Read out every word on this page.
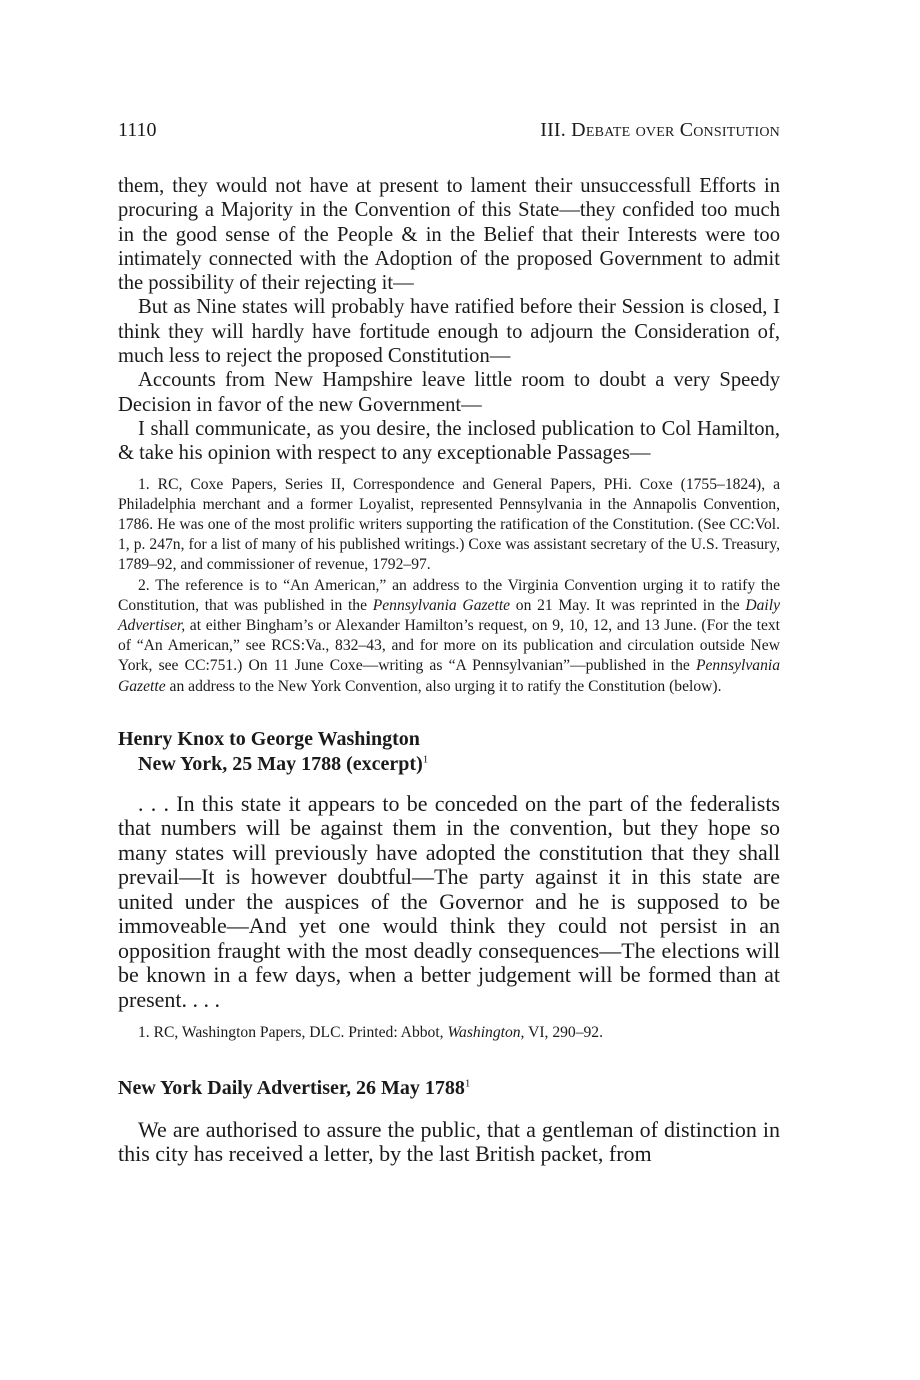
1110	III. Debate over Consitution

them, they would not have at present to lament their unsuccessfull Efforts in procuring a Majority in the Convention of this State—they confided too much in the good sense of the People & in the Belief that their Interests were too intimately connected with the Adoption of the proposed Government to admit the possibility of their rejecting it—

But as Nine states will probably have ratified before their Session is closed, I think they will hardly have fortitude enough to adjourn the Consideration of, much less to reject the proposed Constitution—

Accounts from New Hampshire leave little room to doubt a very Speedy Decision in favor of the new Government—

I shall communicate, as you desire, the inclosed publication to Col Hamilton, & take his opinion with respect to any exceptionable Passages—

1. RC, Coxe Papers, Series II, Correspondence and General Papers, PHi. Coxe (1755–1824), a Philadelphia merchant and a former Loyalist, represented Pennsylvania in the Annapolis Convention, 1786. He was one of the most prolific writers supporting the ratification of the Constitution. (See CC:Vol. 1, p. 247n, for a list of many of his published writings.) Coxe was assistant secretary of the U.S. Treasury, 1789–92, and commissioner of revenue, 1792–97.

2. The reference is to “An American,” an address to the Virginia Convention urging it to ratify the Constitution, that was published in the Pennsylvania Gazette on 21 May. It was reprinted in the Daily Advertiser, at either Bingham’s or Alexander Hamilton’s request, on 9, 10, 12, and 13 June. (For the text of “An American,” see RCS:Va., 832–43, and for more on its publication and circulation outside New York, see CC:751.) On 11 June Coxe—writing as “A Pennsylvanian”—published in the Pennsylvania Gazette an address to the New York Convention, also urging it to ratify the Constitution (below).

Henry Knox to George Washington
New York, 25 May 1788 (excerpt)$^1$

. . . In this state it appears to be conceded on the part of the federalists that numbers will be against them in the convention, but they hope so many states will previously have adopted the constitution that they shall prevail—It is however doubtful—The party against it in this state are united under the auspices of the Governor and he is supposed to be immoveable—And yet one would think they could not persist in an opposition fraught with the most deadly consequences—The elections will be known in a few days, when a better judgement will be formed than at present. . . .

1. RC, Washington Papers, DLC. Printed: Abbot, Washington, VI, 290–92.

New York Daily Advertiser, 26 May 1788$^1$

We are authorised to assure the public, that a gentleman of distinction in this city has received a letter, by the last British packet, from
